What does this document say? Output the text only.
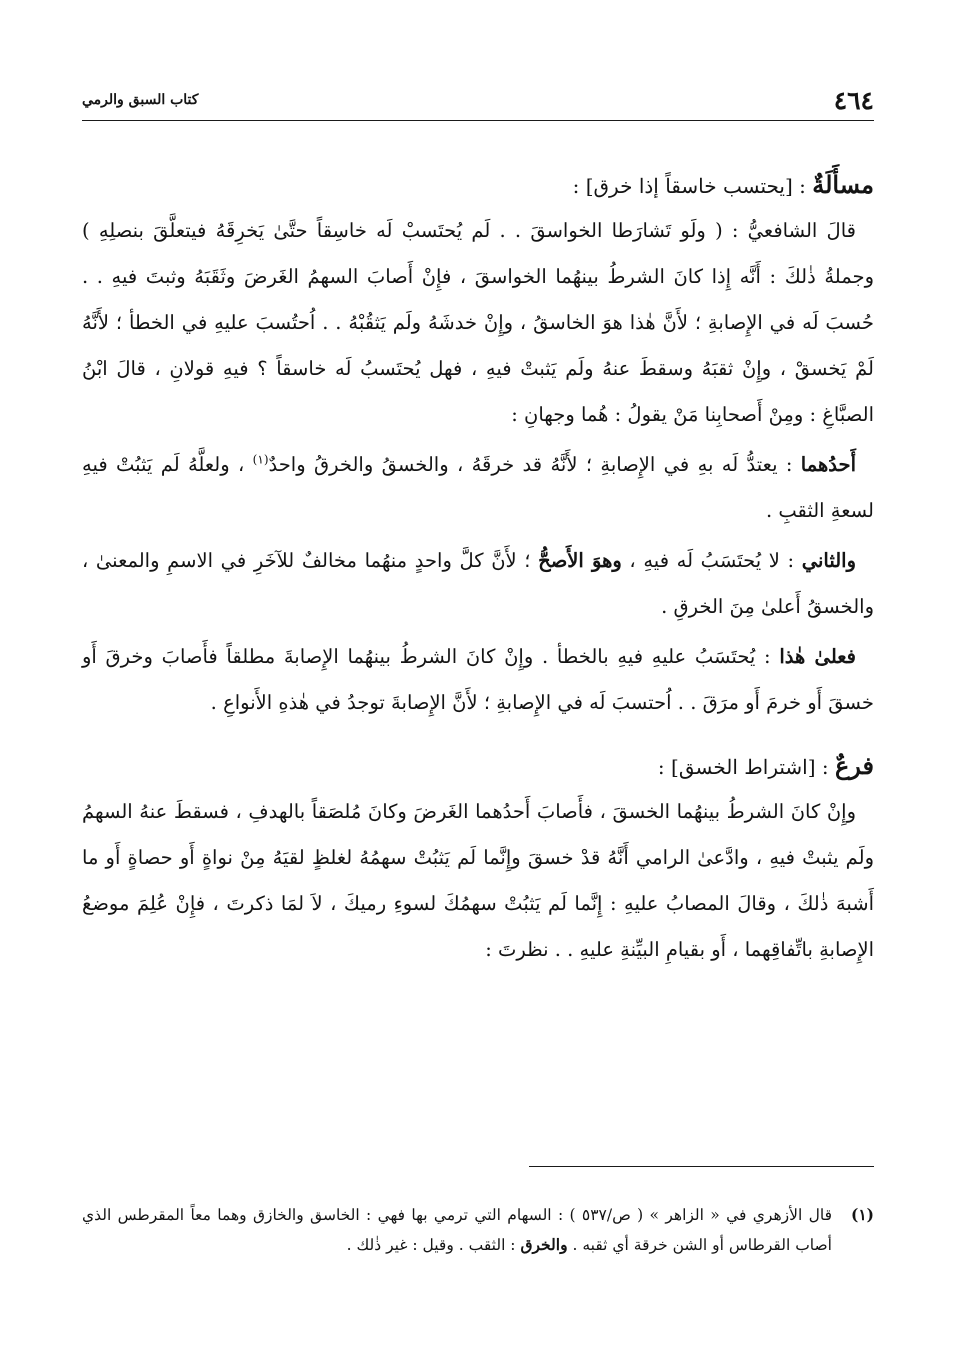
٤٦٤
كتاب السبق والرمي

مسأَلَةٌ : [يحتسب خاسقاً إذا خرق] :

قالَ الشافعيُّ : ( ولَو تَشارَطا الخواسقَ . . لَم يُحتَسبْ لَه خاسِقاً حتَّىٰ يَخرِقَهُ فيتعلَّقَ بنصلِهِ ) وجملةُ ذٰلكَ : أَنَّه إِذا كانَ الشرطُ بينهُما الخواسقَ ، فإِنْ أَصابَ السهمُ الغَرضَ وثَقَبَهُ وثبتَ فيهِ . . حُسبَ لَه في الإِصابةِ ؛ لأَنَّ هٰذا هوَ الخاسقُ ، وإِنْ خدشَهُ ولَم يَثقُبْهُ . . اُحتُسبَ عليهِ في الخطأ ؛ لأَنَّهُ لَمْ يَخسقْ ، وإِنْ ثقبَهُ وسقطَ عنهُ ولَم يَثبتْ فيهِ ، فهل يُحتَسبُ لَه خاسقاً ؟ فيهِ قولانِ ، قالَ ابْنُ الصبَّاغِ : ومِنْ أَصحابِنا مَنْ يقولُ : هُما وجهانِ :

أَحدُهما : يعتدُّ لَه بهِ في الإِصابةِ ؛ لأَنَّهُ قد خرقَهُ ، والخسقُ والخرقُ واحدٌ$^{(١)}$ ، ولعلَّهُ لَم يَثبُتْ فيهِ لسعةِ الثقبِ .

والثاني : لا يُحتَسَبُ لَه فيهِ ، وهوَ الأَصحُّ ؛ لأَنَّ كلَّ واحدٍ منهُما مخالفٌ للآخَرِ في الاسمِ والمعنىٰ ، والخسقُ أَعلىٰ مِنَ الخرقِ .

فعلىٰ هٰذا : يُحتَسَبُ عليهِ فيهِ بالخطأ . وإِنْ كانَ الشرطُ بينهُما الإِصابةَ مطلقاً فأَصابَ وخرقَ أَو خسقَ أَو خرمَ أَو مرَقَ . . اُحتسبَ لَه في الإِصابةِ ؛ لأَنَّ الإِصابةَ توجدُ في هٰذهِ الأَنواعِ .

فرعٌ : [اشتراط الخسق] :

وإِنْ كانَ الشرطُ بينهُما الخسقَ ، فأَصابَ أَحدُهما الغَرضَ وكانَ مُلصَقاً بالهدفِ ، فسقطَ عنهُ السهمُ ولَم يثبتْ فيهِ ، وادَّعىٰ الرامي أَنَّهُ قدْ خسقَ وإِنَّما لَم يَثبُتْ سهمُهُ لغلظٍ لقيَهُ مِنْ نواةٍ أَو حصاةٍ أَو ما أَشبهَ ذٰلكَ ، وقالَ المصابُ عليهِ : إِنَّما لَم يَثبُتْ سهمُكَ لسوءِ رميكَ ، لاَ لمَا ذكرتَ ، فإِنْ عُلِمَ موضعُ الإِصابةِ باتِّفاقِهما ، أَو بقيامِ البيِّنةِ عليهِ . . نظرتَ :

(١)
قال الأزهري في « الزاهر » ( ص/٥٣٧ ) : السهام التي ترمي بها فهي : الخاسق والخازق وهما معاً المقرطس الذي أصاب القرطاس أو الشن خرقة أي ثقبه . والخرق : الثقب . وقيل : غير ذٰلك .
